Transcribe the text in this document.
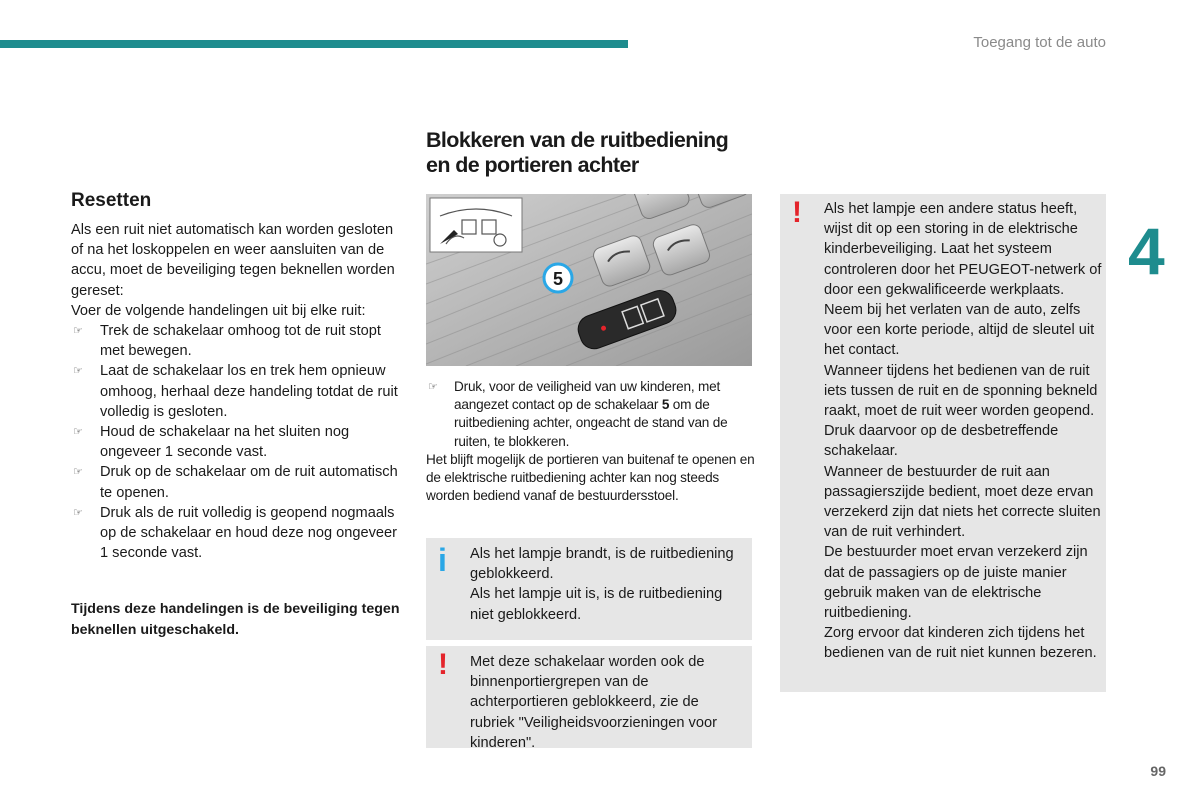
Toegang tot de auto
4
99
Resetten
Als een ruit niet automatisch kan worden gesloten of na het loskoppelen en weer aansluiten van de accu, moet de beveiliging tegen beknellen worden gereset:
Voer de volgende handelingen uit bij elke ruit:
☞ Trek de schakelaar omhoog tot de ruit stopt met bewegen.
☞ Laat de schakelaar los en trek hem opnieuw omhoog, herhaal deze handeling totdat de ruit volledig is gesloten.
☞ Houd de schakelaar na het sluiten nog ongeveer 1 seconde vast.
☞ Druk op de schakelaar om de ruit automatisch te openen.
☞ Druk als de ruit volledig is geopend nogmaals op de schakelaar en houd deze nog ongeveer 1 seconde vast.
Tijdens deze handelingen is de beveiliging tegen beknellen uitgeschakeld.
Blokkeren van de ruitbediening
en de portieren achter
5
☞ Druk, voor de veiligheid van uw kinderen, met aangezet contact op de schakelaar 5 om de ruitbediening achter, ongeacht de stand van de ruiten, te blokkeren.
Het blijft mogelijk de portieren van buitenaf te openen en de elektrische ruitbediening achter kan nog steeds worden bediend vanaf de bestuurdersstoel.
i Als het lampje brandt, is de ruitbediening geblokkeerd.
Als het lampje uit is, is de ruitbediening niet geblokkeerd.
! Met deze schakelaar worden ook de binnenportiergrepen van de achterportieren geblokkeerd, zie de rubriek "Veiligheidsvoorzieningen voor kinderen".
! Als het lampje een andere status heeft, wijst dit op een storing in de elektrische kinderbeveiliging. Laat het systeem controleren door het PEUGEOT-netwerk of door een gekwalificeerde werkplaats.
Neem bij het verlaten van de auto, zelfs voor een korte periode, altijd de sleutel uit het contact.
Wanneer tijdens het bedienen van de ruit iets tussen de ruit en de sponning bekneld raakt, moet de ruit weer worden geopend. Druk daarvoor op de desbetreffende schakelaar.
Wanneer de bestuurder de ruit aan passagierszijde bedient, moet deze ervan verzekerd zijn dat niets het correcte sluiten van de ruit verhindert.
De bestuurder moet ervan verzekerd zijn dat de passagiers op de juiste manier gebruik maken van de elektrische ruitbediening.
Zorg ervoor dat kinderen zich tijdens het bedienen van de ruit niet kunnen bezeren.
